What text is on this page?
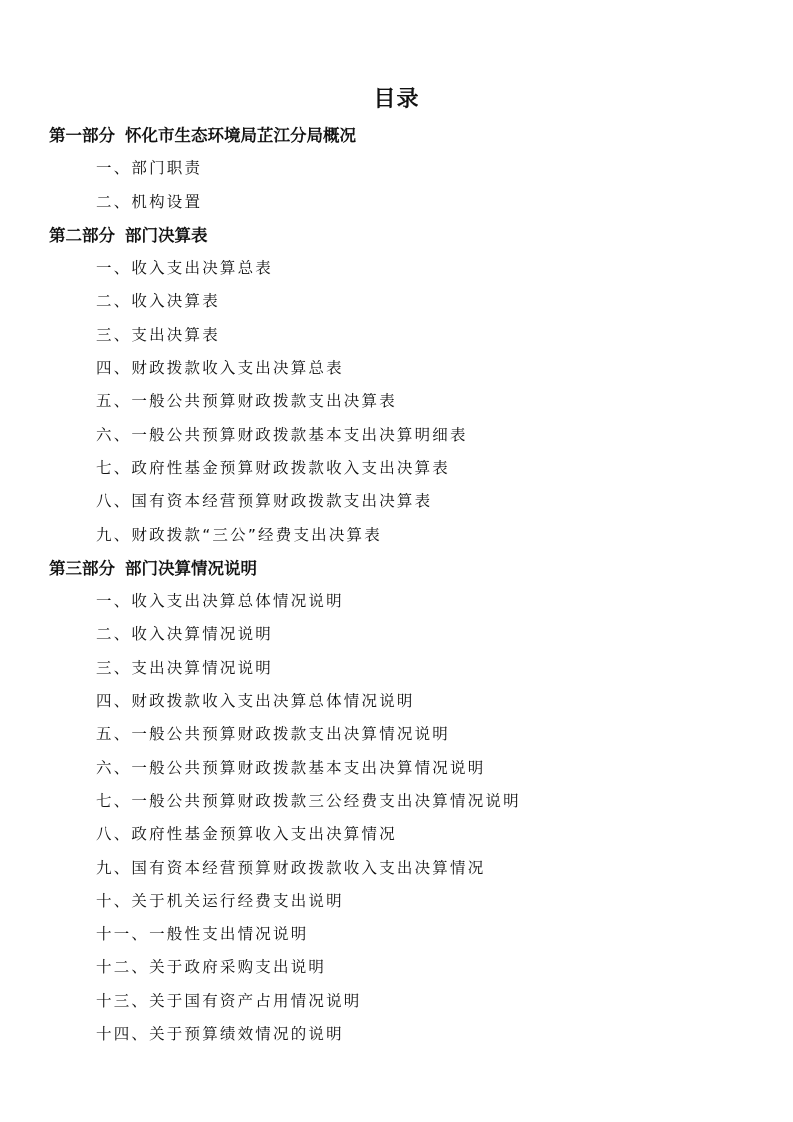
目录
第一部分 怀化市生态环境局芷江分局概况
一、部门职责
二、机构设置
第二部分 部门决算表
一、收入支出决算总表
二、收入决算表
三、支出决算表
四、财政拨款收入支出决算总表
五、一般公共预算财政拨款支出决算表
六、一般公共预算财政拨款基本支出决算明细表
七、政府性基金预算财政拨款收入支出决算表
八、国有资本经营预算财政拨款支出决算表
九、财政拨款“三公”经费支出决算表
第三部分 部门决算情况说明
一、收入支出决算总体情况说明
二、收入决算情况说明
三、支出决算情况说明
四、财政拨款收入支出决算总体情况说明
五、一般公共预算财政拨款支出决算情况说明
六、一般公共预算财政拨款基本支出决算情况说明
七、一般公共预算财政拨款三公经费支出决算情况说明
八、政府性基金预算收入支出决算情况
九、国有资本经营预算财政拨款收入支出决算情况
十、关于机关运行经费支出说明
十一、一般性支出情况说明
十二、关于政府采购支出说明
十三、关于国有资产占用情况说明
十四、关于预算绩效情况的说明
